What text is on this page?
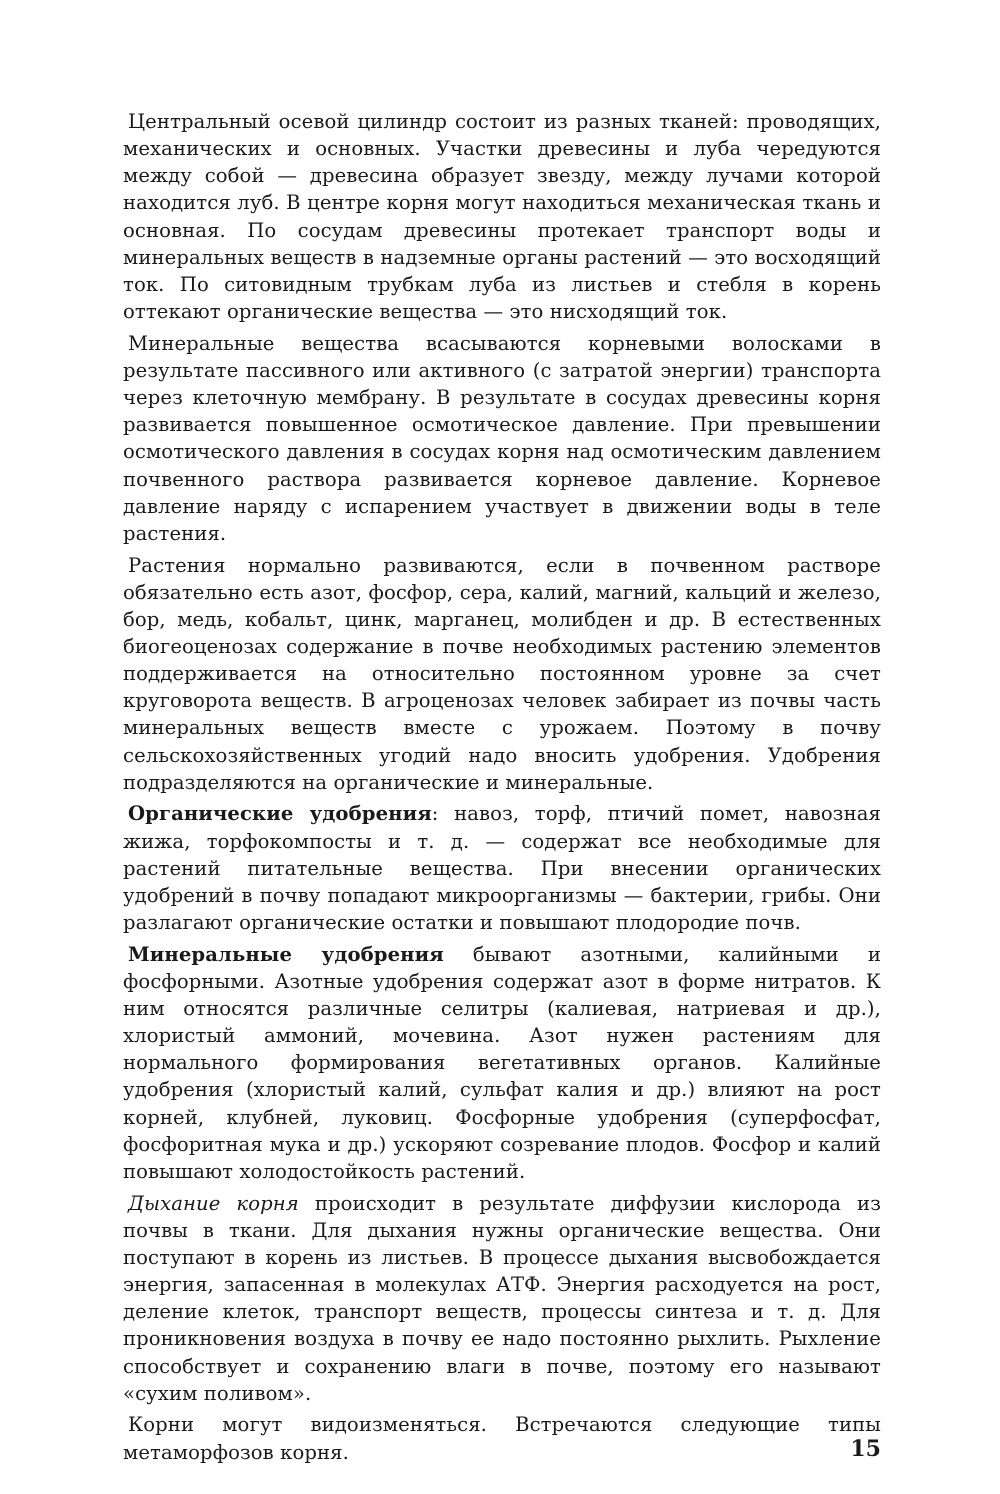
Центральный осевой цилиндр состоит из разных тканей: проводящих, механических и основных. Участки древесины и луба чередуются между собой — древесина образует звезду, между лучами которой находится луб. В центре корня могут находиться механическая ткань и основная. По сосудам древесины протекает транспорт воды и минеральных веществ в надземные органы растений — это восходящий ток. По ситовидным трубкам луба из листьев и стебля в корень оттекают органические вещества — это нисходящий ток.

Минеральные вещества всасываются корневыми волосками в результате пассивного или активного (с затратой энергии) транспорта через клеточную мембрану. В результате в сосудах древесины корня развивается повышенное осмотическое давление. При превышении осмотического давления в сосудах корня над осмотическим давлением почвенного раствора развивается корневое давление. Корневое давление наряду с испарением участвует в движении воды в теле растения.

Растения нормально развиваются, если в почвенном растворе обязательно есть азот, фосфор, сера, калий, магний, кальций и железо, бор, медь, кобальт, цинк, марганец, молибден и др. В естественных биогеоценозах содержание в почве необходимых растению элементов поддерживается на относительно постоянном уровне за счет круговорота веществ. В агроценозах человек забирает из почвы часть минеральных веществ вместе с урожаем. Поэтому в почву сельскохозяйственных угодий надо вносить удобрения. Удобрения подразделяются на органические и минеральные.

Органические удобрения: навоз, торф, птичий помет, навозная жижа, торфокомпосты и т. д. — содержат все необходимые для растений питательные вещества. При внесении органических удобрений в почву попадают микроорганизмы — бактерии, грибы. Они разлагают органические остатки и повышают плодородие почв.

Минеральные удобрения бывают азотными, калийными и фосфорными. Азотные удобрения содержат азот в форме нитратов. К ним относятся различные селитры (калиевая, натриевая и др.), хлористый аммоний, мочевина. Азот нужен растениям для нормального формирования вегетативных органов. Калийные удобрения (хлористый калий, сульфат калия и др.) влияют на рост корней, клубней, луковиц. Фосфорные удобрения (суперфосфат, фосфоритная мука и др.) ускоряют созревание плодов. Фосфор и калий повышают холодостойкость растений.

Дыхание корня происходит в результате диффузии кислорода из почвы в ткани. Для дыхания нужны органические вещества. Они поступают в корень из листьев. В процессе дыхания высвобождается энергия, запасенная в молекулах АТФ. Энергия расходуется на рост, деление клеток, транспорт веществ, процессы синтеза и т. д. Для проникновения воздуха в почву ее надо постоянно рыхлить. Рыхление способствует и сохранению влаги в почве, поэтому его называют «сухим поливом».

Корни могут видоизменяться. Встречаются следующие типы метаморфозов корня.	15
